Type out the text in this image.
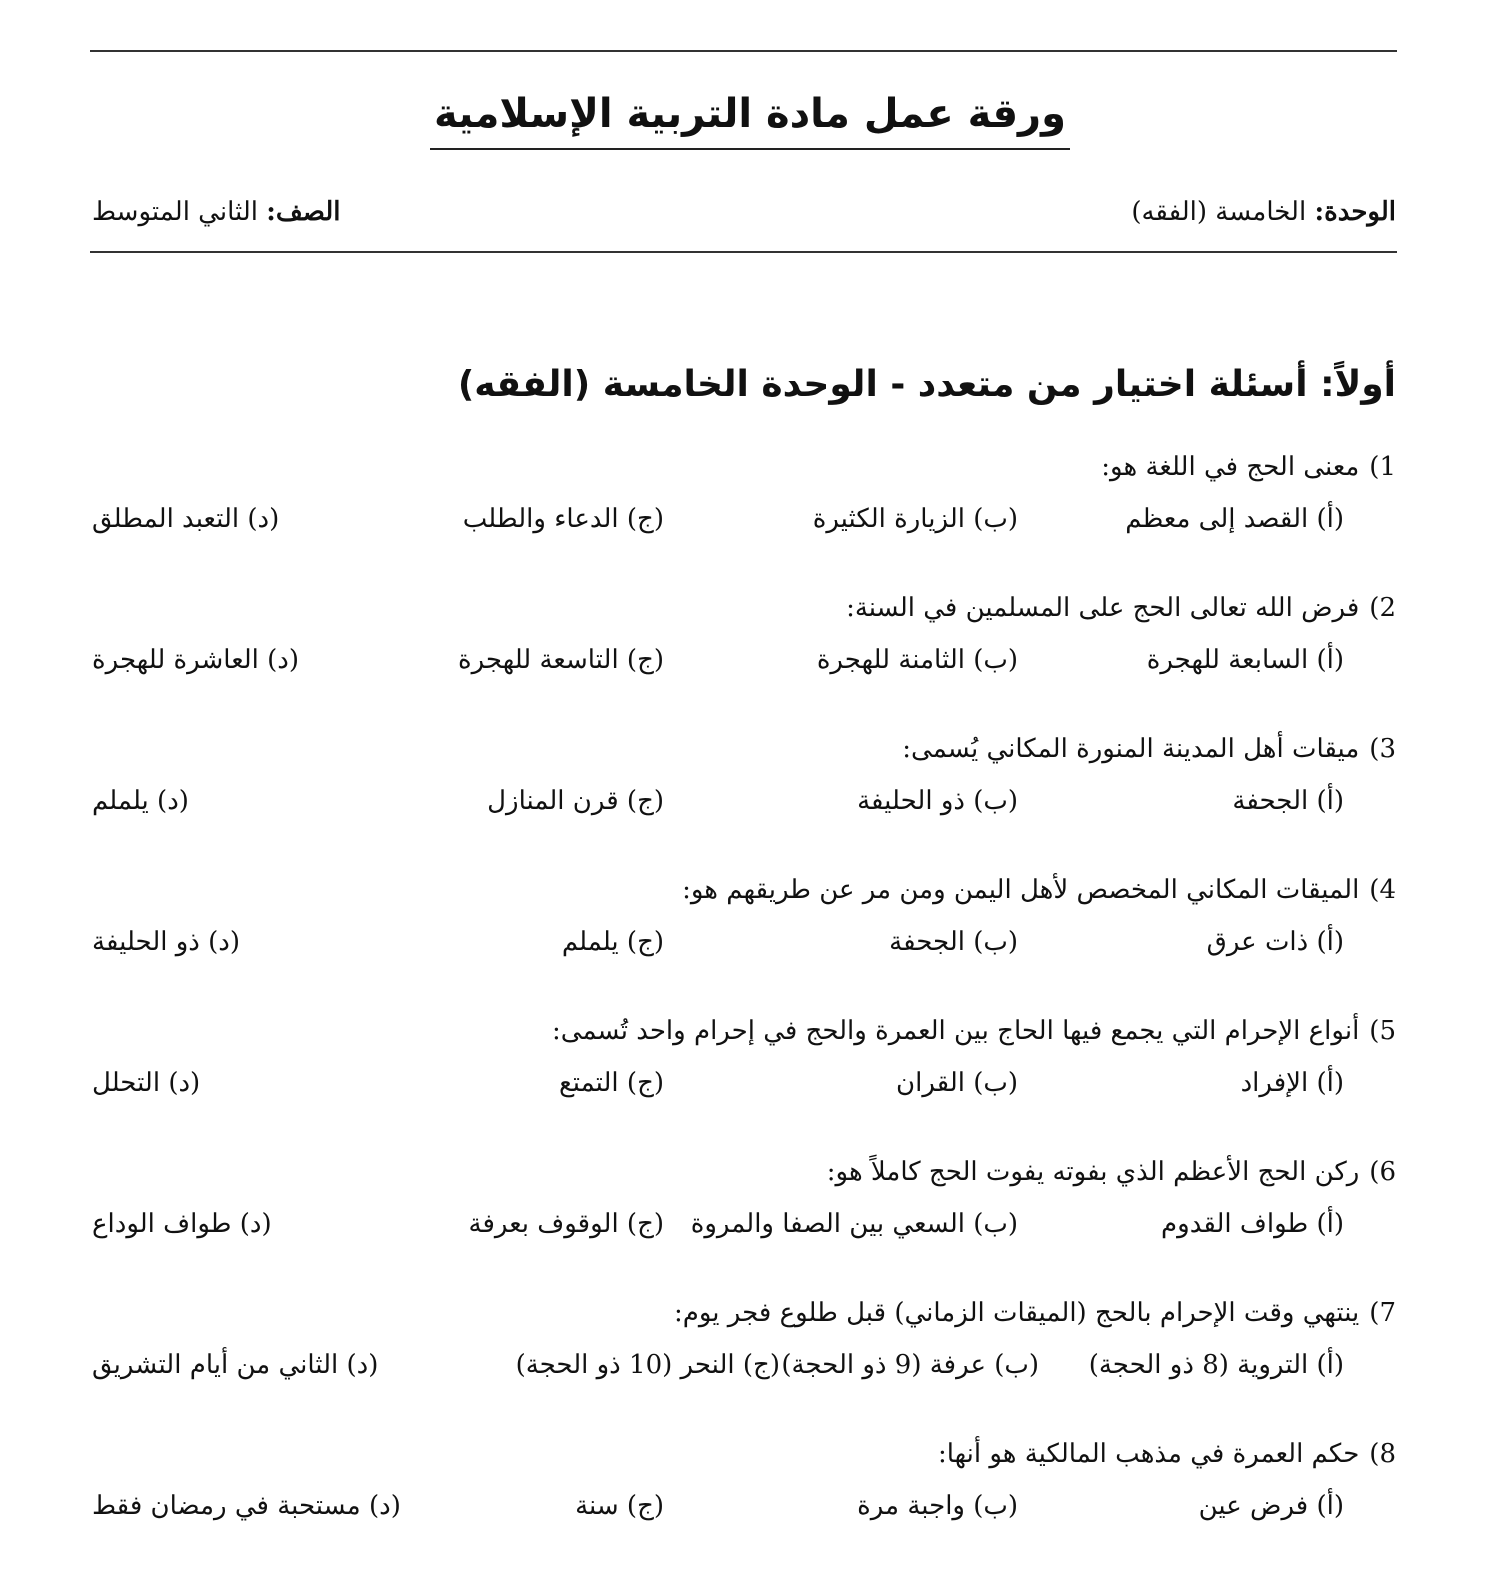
ورقة عمل مادة التربية الإسلامية
الوحدة: الخامسة (الفقه)
الصف: الثاني المتوسط
أولاً: أسئلة اختيار من متعدد - الوحدة الخامسة (الفقه)
1)معنى الحج في اللغة هو:
(أ) القصد إلى معظم
(ب) الزيارة الكثيرة
(ج) الدعاء والطلب
(د) التعبد المطلق
2)فرض الله تعالى الحج على المسلمين في السنة:
(أ) السابعة للهجرة
(ب) الثامنة للهجرة
(ج) التاسعة للهجرة
(د) العاشرة للهجرة
3)ميقات أهل المدينة المنورة المكاني يُسمى:
(أ) الجحفة
(ب) ذو الحليفة
(ج) قرن المنازل
(د) يلملم
4)الميقات المكاني المخصص لأهل اليمن ومن مر عن طريقهم هو:
(أ) ذات عرق
(ب) الجحفة
(ج) يلملم
(د) ذو الحليفة
5)أنواع الإحرام التي يجمع فيها الحاج بين العمرة والحج في إحرام واحد تُسمى:
(أ) الإفراد
(ب) القران
(ج) التمتع
(د) التحلل
6)ركن الحج الأعظم الذي بفوته يفوت الحج كاملاً هو:
(أ) طواف القدوم
(ب) السعي بين الصفا والمروة
(ج) الوقوف بعرفة
(د) طواف الوداع
7)ينتهي وقت الإحرام بالحج (الميقات الزماني) قبل طلوع فجر يوم:
(أ) التروية (8 ذو الحجة)
(ب) عرفة (9 ذو الحجة)
(ج) النحر (10 ذو الحجة)
(د) الثاني من أيام التشريق
8)حكم العمرة في مذهب المالكية هو أنها:
(أ) فرض عين
(ب) واجبة مرة
(ج) سنة
(د) مستحبة في رمضان فقط
